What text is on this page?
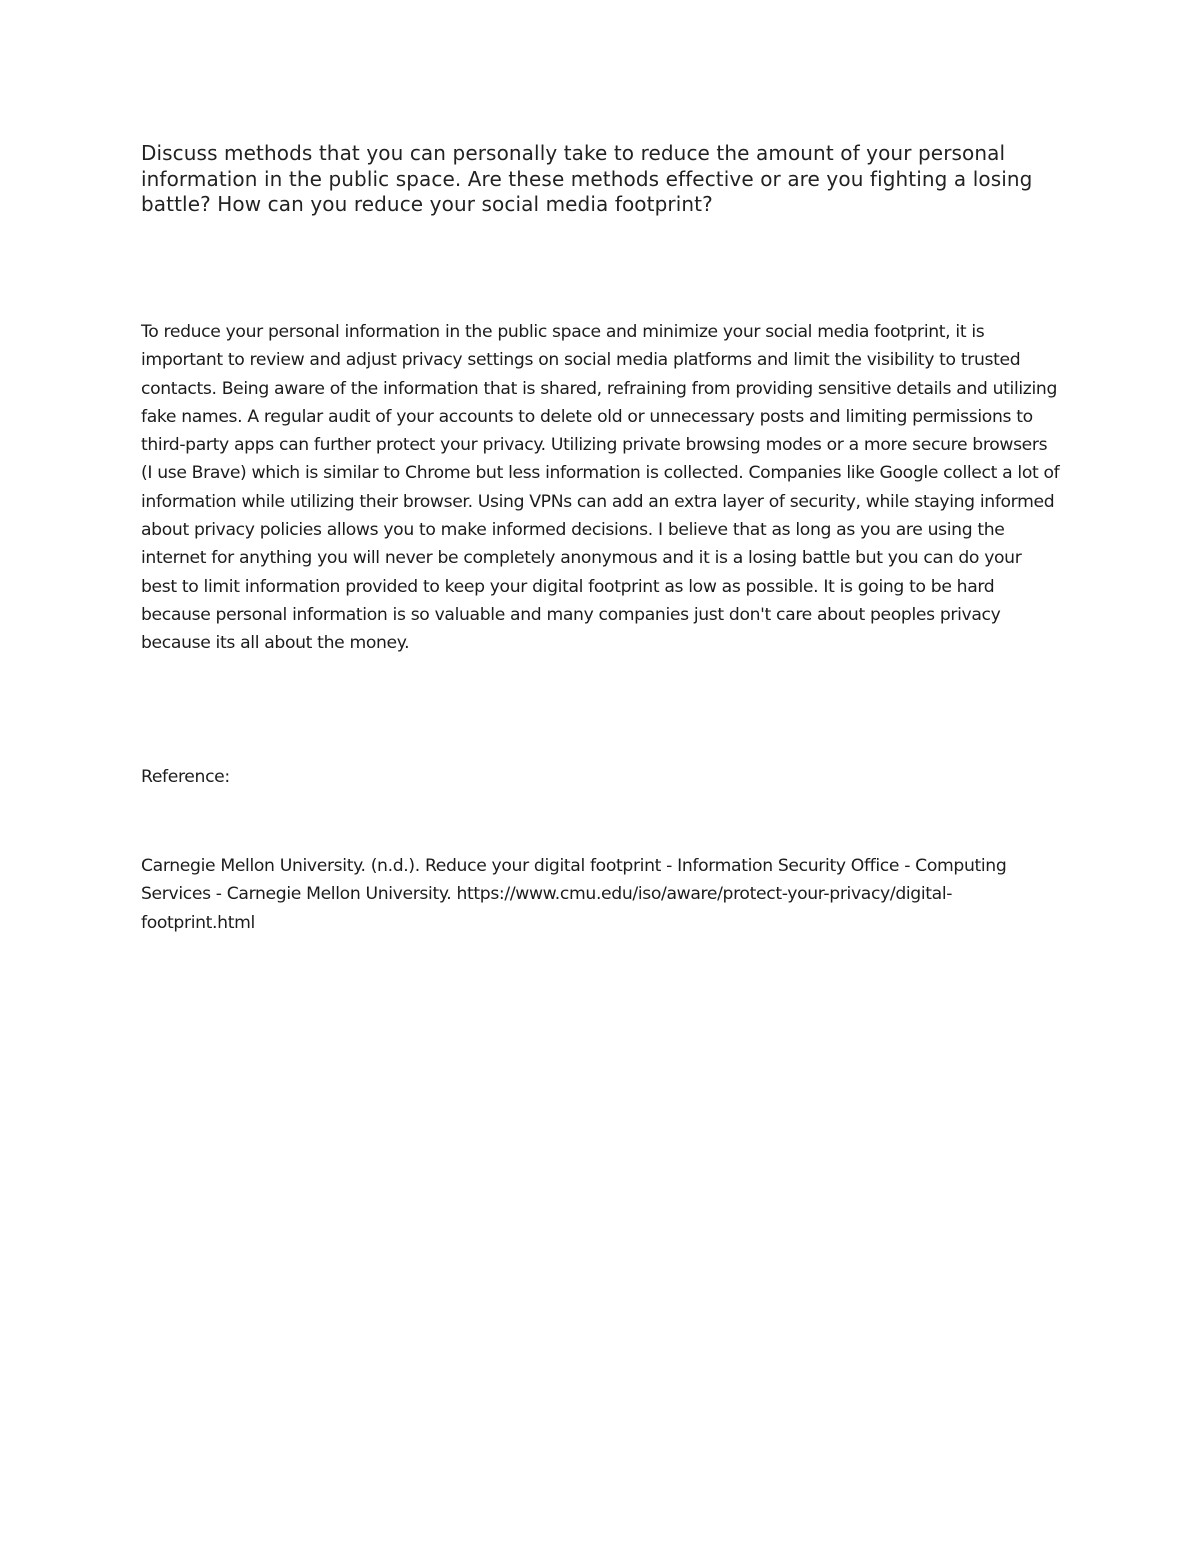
Discuss methods that you can personally take to reduce the amount of your personal information in the public space. Are these methods effective or are you fighting a losing battle? How can you reduce your social media footprint?

To reduce your personal information in the public space and minimize your social media footprint, it is important to review and adjust privacy settings on social media platforms and limit the visibility to trusted contacts. Being aware of the information that is shared, refraining from providing sensitive details and utilizing fake names. A regular audit of your accounts to delete old or unnecessary posts and limiting permissions to third-party apps can further protect your privacy. Utilizing private browsing modes or a more secure browsers (I use Brave) which is similar to Chrome but less information is collected. Companies like Google collect a lot of information while utilizing their browser. Using VPNs can add an extra layer of security, while staying informed about privacy policies allows you to make informed decisions. I believe that as long as you are using the internet for anything you will never be completely anonymous and it is a losing battle but you can do your best to limit information provided to keep your digital footprint as low as possible. It is going to be hard because personal information is so valuable and many companies just don't care about peoples privacy because its all about the money.

Reference:

Carnegie Mellon University. (n.d.). Reduce your digital footprint - Information Security Office - Computing Services - Carnegie Mellon University. https://www.cmu.edu/iso/aware/protect-your-privacy/digital-footprint.html
